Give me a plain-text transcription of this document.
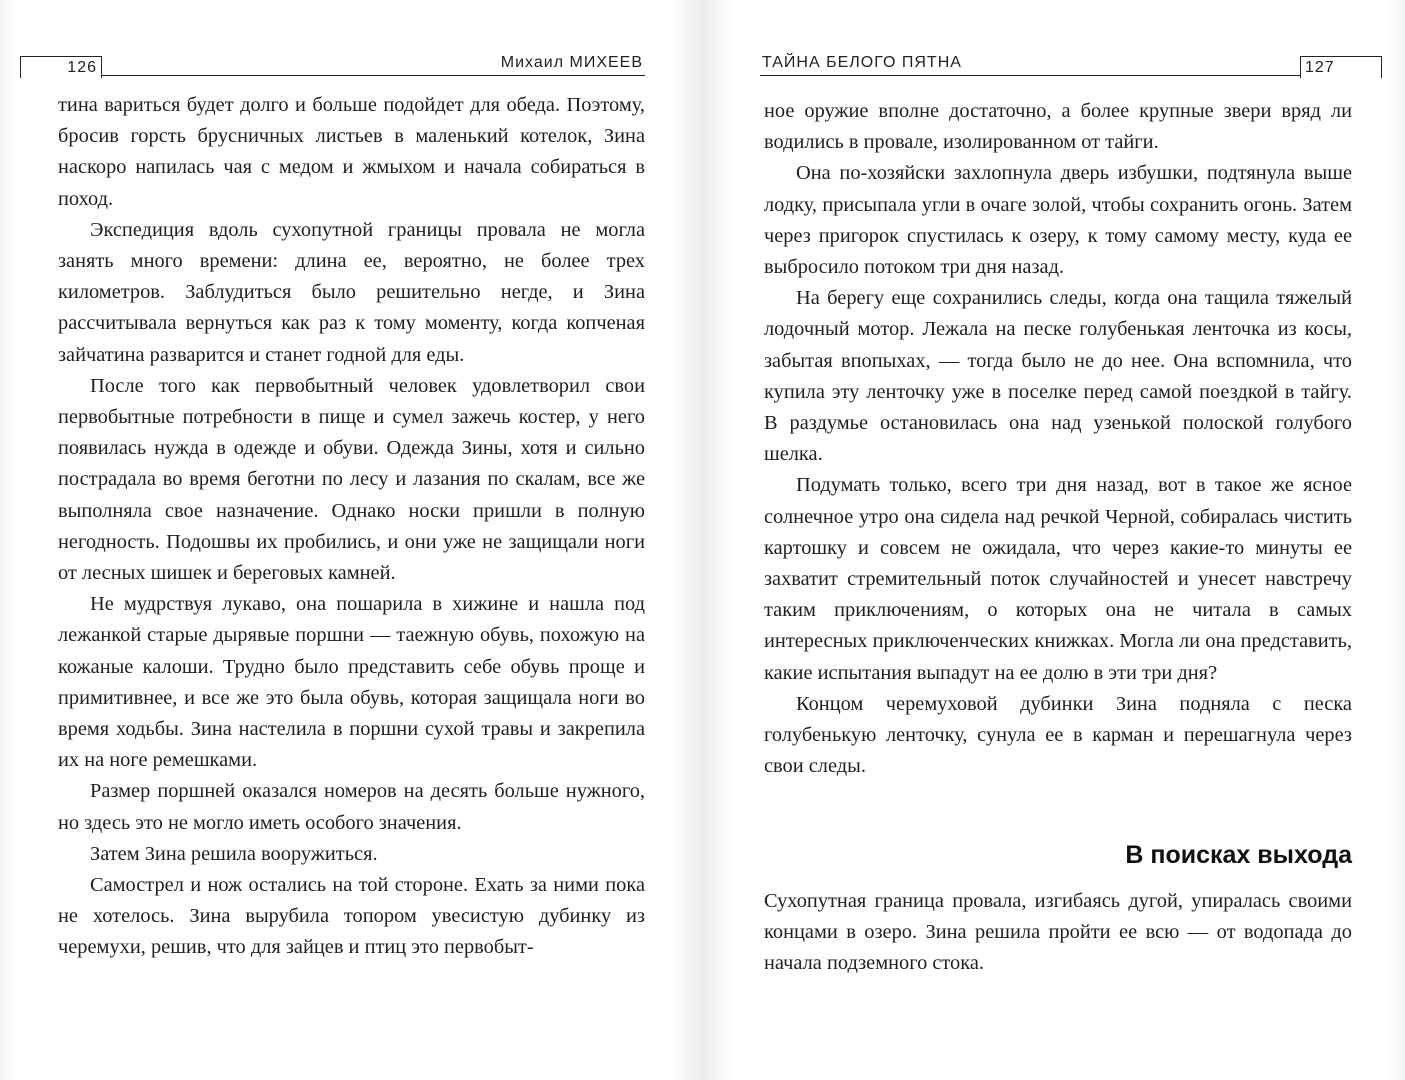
126	Михаил МИХЕЕВ

тина вариться будет долго и больше подойдет для обеда. Поэтому, бросив горсть брусничных листьев в маленький котелок, Зина наскоро напилась чая с медом и жмыхом и начала собираться в поход.

Экспедиция вдоль сухопутной границы провала не могла занять много времени: длина ее, вероятно, не более трех километров. Заблудиться было решительно негде, и Зина рассчитывала вернуться как раз к тому моменту, когда копченая зайчатина разварится и станет годной для еды.

После того как первобытный человек удовлетворил свои первобытные потребности в пище и сумел зажечь костер, у него появилась нужда в одежде и обуви. Одежда Зины, хотя и сильно пострадала во время беготни по лесу и лазания по скалам, все же выполняла свое назначение. Однако носки пришли в полную негодность. Подошвы их пробились, и они уже не защищали ноги от лесных шишек и береговых камней.

Не мудрствуя лукаво, она пошарила в хижине и нашла под лежанкой старые дырявые поршни — таежную обувь, похожую на кожаные калоши. Трудно было представить себе обувь проще и примитивнее, и все же это была обувь, которая защищала ноги во время ходьбы. Зина настелила в поршни сухой травы и закрепила их на ноге ремешками.

Размер поршней оказался номеров на десять больше нужного, но здесь это не могло иметь особого значения.

Затем Зина решила вооружиться.

Самострел и нож остались на той стороне. Ехать за ними пока не хотелось. Зина вырубила топором увесистую дубинку из черемухи, решив, что для зайцев и птиц это первобыт-

ТАЙНА БЕЛОГО ПЯТНА	127

ное оружие вполне достаточно, а более крупные звери вряд ли водились в провале, изолированном от тайги.

Она по-хозяйски захлопнула дверь избушки, подтянула выше лодку, присыпала угли в очаге золой, чтобы сохранить огонь. Затем через пригорок спустилась к озеру, к тому самому месту, куда ее выбросило потоком три дня назад.

На берегу еще сохранились следы, когда она тащила тяжелый лодочный мотор. Лежала на песке голубенькая ленточка из косы, забытая впопыхах, — тогда было не до нее. Она вспомнила, что купила эту ленточку уже в поселке перед самой поездкой в тайгу. В раздумье остановилась она над узенькой полоской голубого шелка.

Подумать только, всего три дня назад, вот в такое же ясное солнечное утро она сидела над речкой Черной, собиралась чистить картошку и совсем не ожидала, что через какие-то минуты ее захватит стремительный поток случайностей и унесет навстречу таким приключениям, о которых она не читала в самых интересных приключенческих книжках. Могла ли она представить, какие испытания выпадут на ее долю в эти три дня?

Концом черемуховой дубинки Зина подняла с песка голубенькую ленточку, сунула ее в карман и перешагнула через свои следы.

В поисках выхода

Сухопутная граница провала, изгибаясь дугой, упиралась своими концами в озеро. Зина решила пройти ее всю — от водопада до начала подземного стока.
